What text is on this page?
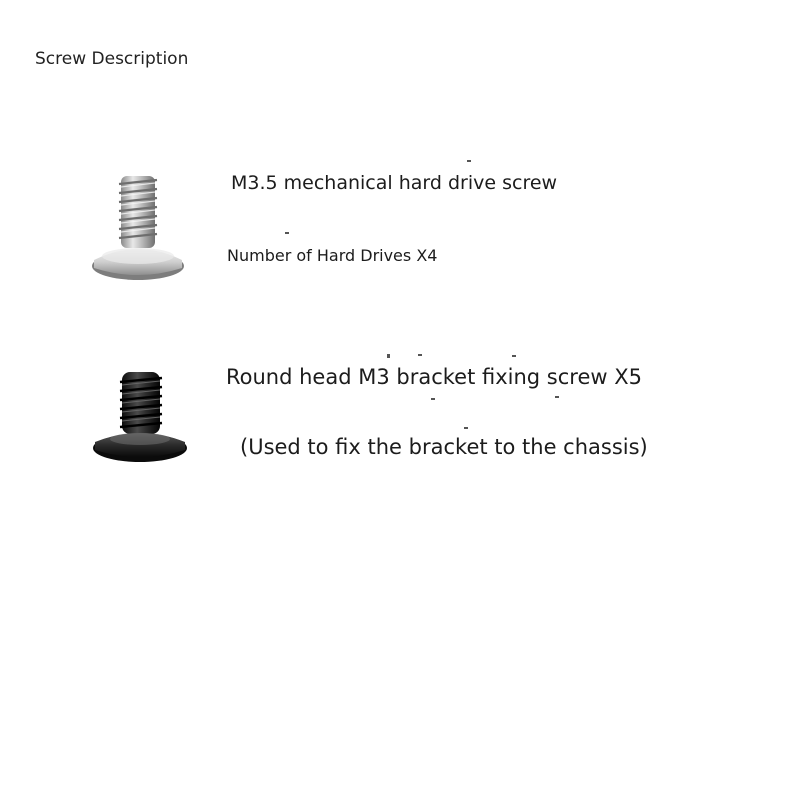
Screw Description
M3.5 mechanical hard drive screw
Number of Hard Drives X4
Round head M3 bracket fixing screw X5
(Used to fix the bracket to the chassis)
